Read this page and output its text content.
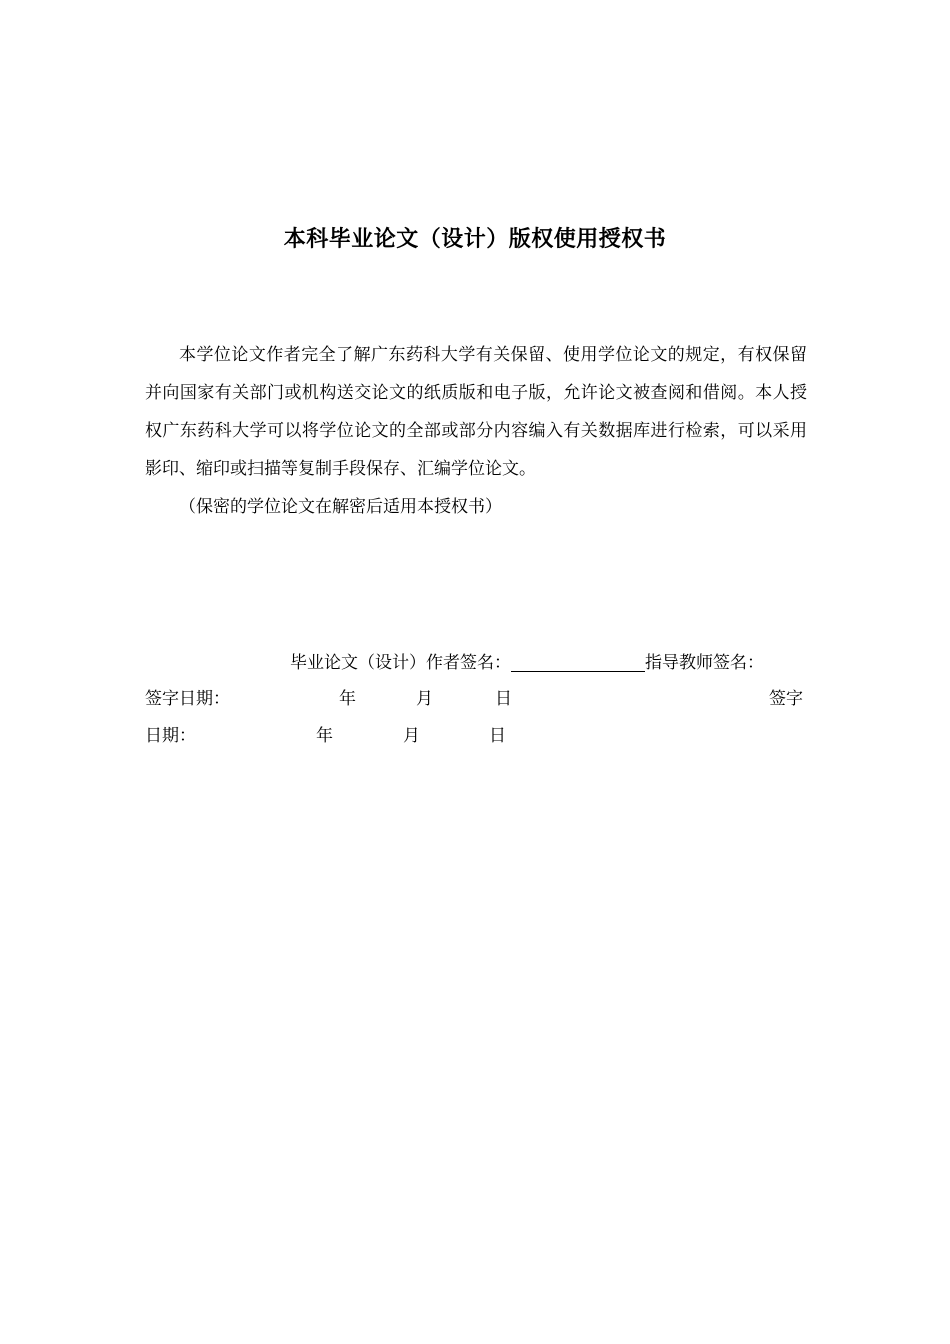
本科毕业论文（设计）版权使用授权书

本学位论文作者完全了解广东药科大学有关保留、使用学位论文的规定，有权保留并向国家有关部门或机构送交论文的纸质版和电子版，允许论文被查阅和借阅。本人授权广东药科大学可以将学位论文的全部或部分内容编入有关数据库进行检索，可以采用影印、缩印或扫描等复制手段保存、汇编学位论文。

（保密的学位论文在解密后适用本授权书）

毕业论文（设计）作者签名：	指导教师签名：
签字日期：	年	月	日	签字
日期：	年	月	日
